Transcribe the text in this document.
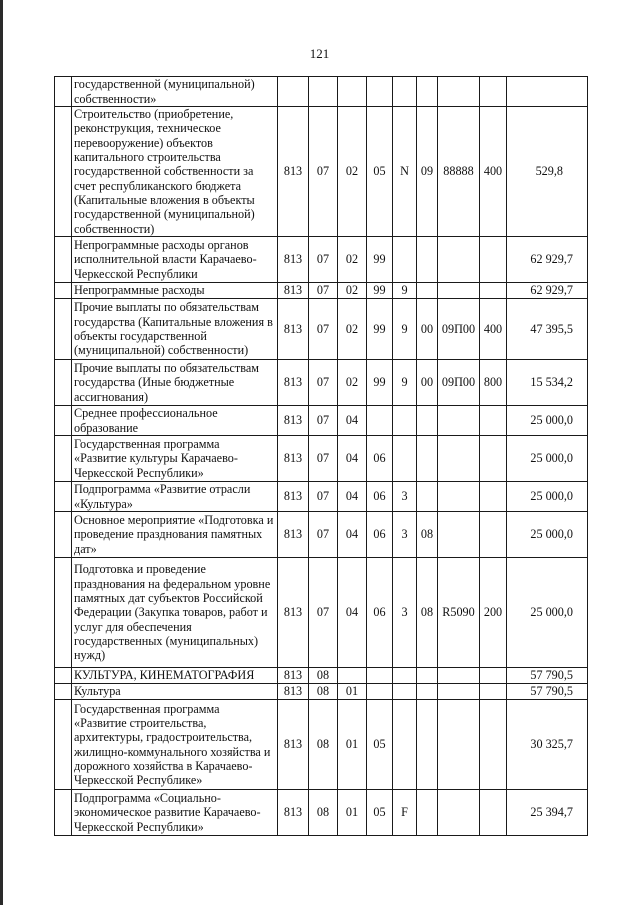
121
	государственной (муниципальной) собственности»									
	Строительство (приобретение, реконструкция, техническое перевооружение) объектов капитального строительства государственной собственности за счет республиканского бюджета (Капитальные вложения в объекты государственной (муниципальной) собственности)	813	07	02	05	N	09	88888	400	529,8
	Непрограммные расходы органов исполнительной власти Карачаево-Черкесской Республики	813	07	02	99					62 929,7
	Непрограммные расходы	813	07	02	99	9				62 929,7
	Прочие выплаты по обязательствам государства (Капитальные вложения в объекты государственной (муниципальной) собственности)	813	07	02	99	9	00	09П00	400	47 395,5
	Прочие выплаты по обязательствам государства (Иные бюджетные ассигнования)	813	07	02	99	9	00	09П00	800	15 534,2
	Среднее профессиональное образование	813	07	04						25 000,0
	Государственная программа «Развитие культуры Карачаево-Черкесской Республики»	813	07	04	06					25 000,0
	Подпрограмма «Развитие отрасли «Культура»	813	07	04	06	3				25 000,0
	Основное мероприятие «Подготовка и проведение празднования памятных дат»	813	07	04	06	3	08			25 000,0
	Подготовка и проведение празднования на федеральном уровне памятных дат субъектов Российской Федерации (Закупка товаров, работ и услуг для обеспечения государственных (муниципальных) нужд)	813	07	04	06	3	08	R5090	200	25 000,0
	КУЛЬТУРА, КИНЕМАТОГРАФИЯ	813	08							57 790,5
	Культура	813	08	01						57 790,5
	Государственная программа «Развитие строительства, архитектуры, градостроительства, жилищно-коммунального хозяйства и дорожного хозяйства в Карачаево-Черкесской Республике»	813	08	01	05					30 325,7
	Подпрограмма «Социально-экономическое развитие Карачаево-Черкесской Республики»	813	08	01	05	F				25 394,7
